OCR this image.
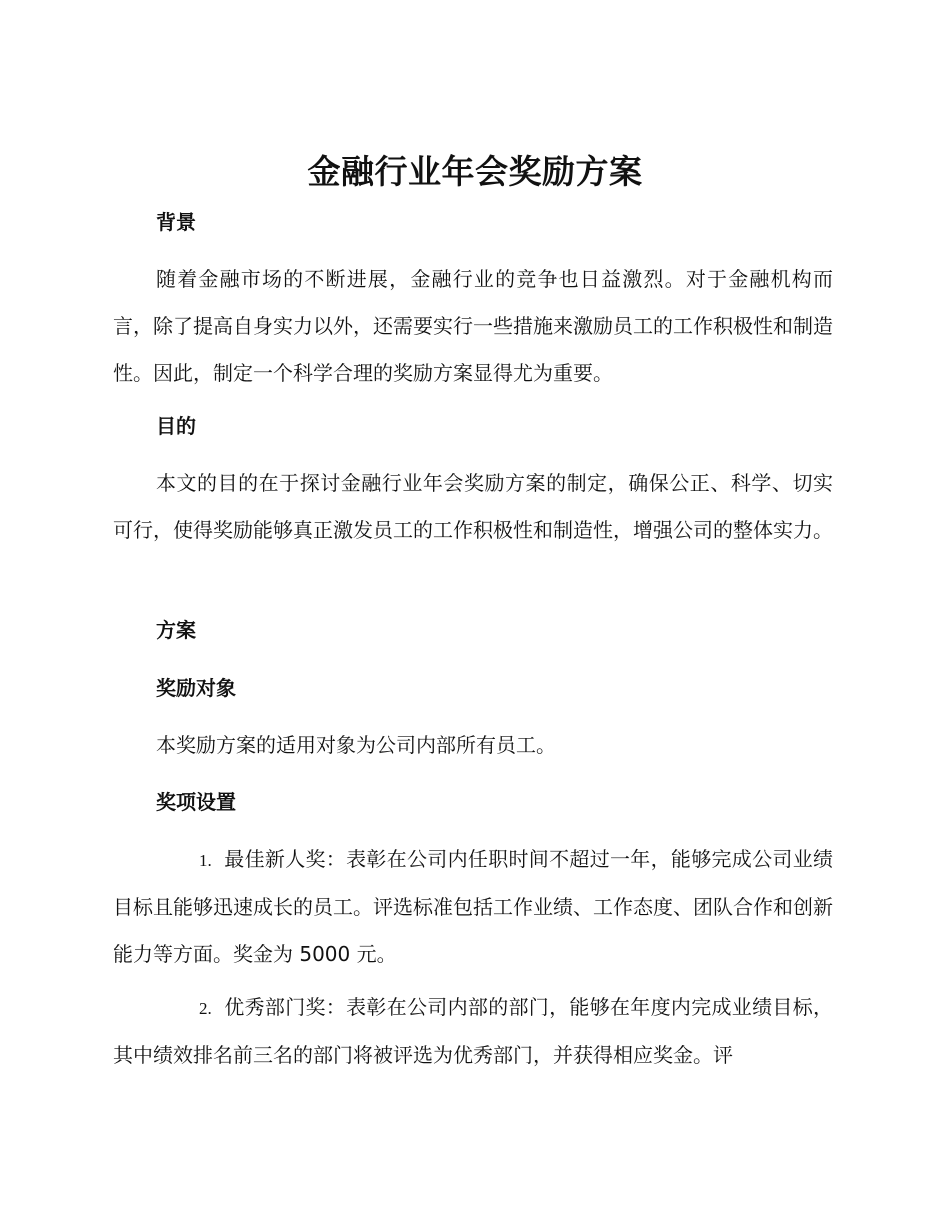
金融行业年会奖励方案
背景
随着金融市场的不断进展，金融行业的竞争也日益激烈。对于金融机构而言，除了提高自身实力以外，还需要实行一些措施来激励员工的工作积极性和制造性。因此，制定一个科学合理的奖励方案显得尤为重要。
目的
本文的目的在于探讨金融行业年会奖励方案的制定，确保公正、科学、切实可行，使得奖励能够真正激发员工的工作积极性和制造性，增强公司的整体实力。
方案
奖励对象
本奖励方案的适用对象为公司内部所有员工。
奖项设置
1. 最佳新人奖：表彰在公司内任职时间不超过一年，能够完成公司业绩目标且能够迅速成长的员工。评选标准包括工作业绩、工作态度、团队合作和创新能力等方面。奖金为 5000 元。
2. 优秀部门奖：表彰在公司内部的部门，能够在年度内完成业绩目标，其中绩效排名前三名的部门将被评选为优秀部门，并获得相应奖金。评
